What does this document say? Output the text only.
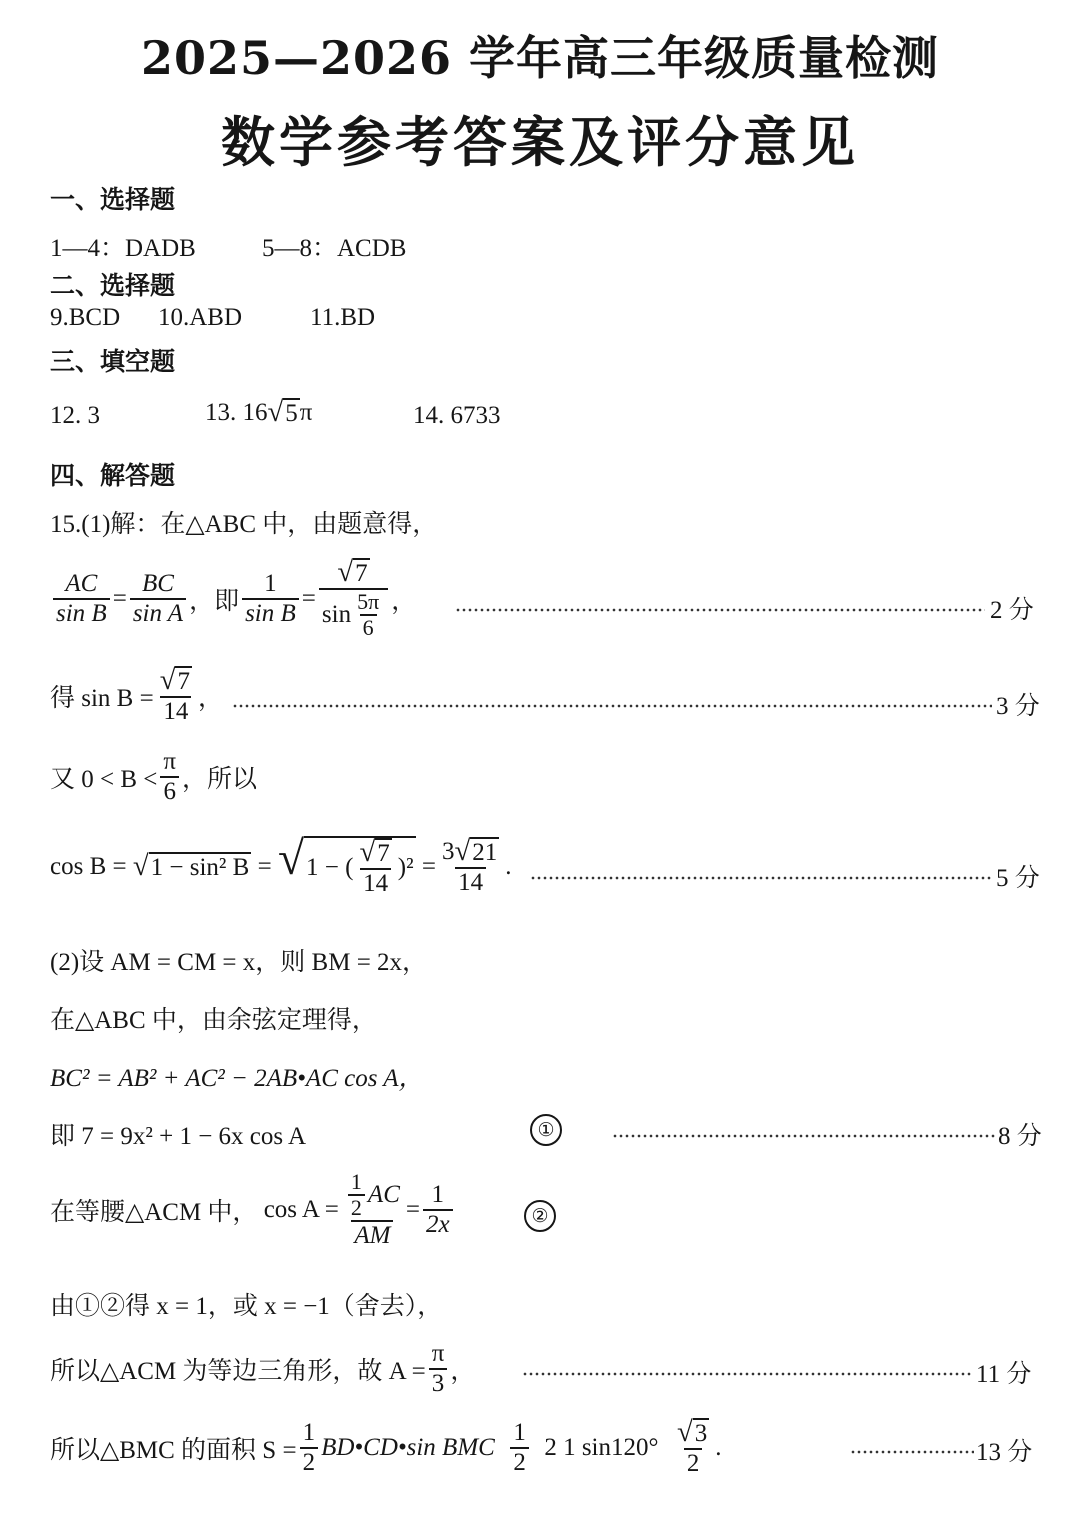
2025—2026 学年高三年级质量检测
数学参考答案及评分意见
一、选择题
1—4：DADB	5—8：ACDB
二、选择题
9.BCD 10.ABD	11.BD
三、填空题
12. 3	13. 16 √ 5 π	14. 6733
四、解答题
15.(1)解：在△ABC 中，由题意得，
$\frac{AC}{\text{sin B}} = \frac{BC}{\text{sin A}}$ ，即 $\frac{1}{\text{sin B}} = \frac{√ 7}{\sin \frac{5\pi}{6}}$ ，	2 分
得 $\sin B = \frac{√ 7}{14}$ ，	3 分
又 $0 < B < \frac{\pi}{6}$ ，所以
cos B =
√ 1 − sin² B
=
√ 1 − ( $\frac{√ 7}{14} )^2$
= $\frac{3 √ 21}{14}$ .	5 分
(2)设 AM = CM = x，则 BM = 2x，
在△ABC 中，由余弦定理得，
BC² = AB² + AC² − 2AB•AC cos A，
即 7 = 9x² + 1 − 6x cos A	①	8 分
在等腰△ACM 中，
$\cos A = \frac{\frac{1}{2} AC}{AM} = \frac{1}{2x}$	②
由①②得 x = 1，或 x = −1（舍去），
所以△ACM 为等边三角形，故 $A = \frac{\pi}{3}$ ，	11 分
所以△BMC 的面积 $S = \frac{1}{2}$ BD•CD•sin BMC
$\frac{1}{2}$
2 1 sin120°
$\frac{√ 3}{2}$ .	13 分
